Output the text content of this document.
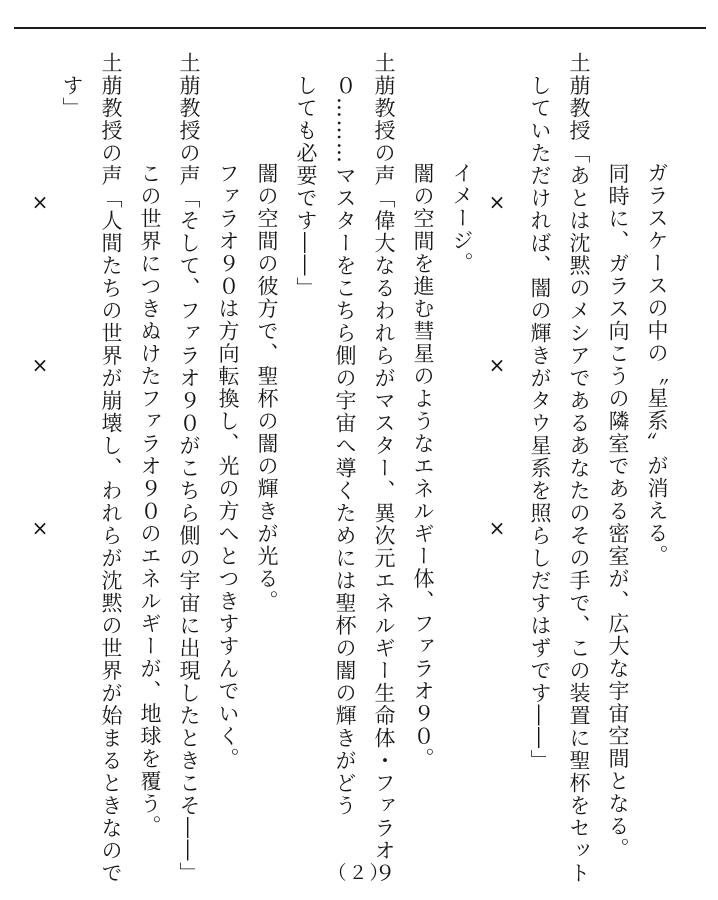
ガラスケースの中の〝星系〟が消える。
　同時に、ガラス向こうの隣室である密室が、広大な宇宙空間となる。
土萠教授「あとは沈黙のメシアであるあなたのその手で、この装置に聖杯をセット
　していただければ、闇の輝きがタウ星系を照らしだすはずです――」
×
×
×
イメージ。
　闇の空間を進む彗星のようなエネルギー体、ファラオ９０。
土萠教授の声「偉大なるわれらがマスター、異次元エネルギー生命体・ファラオ９
　０………マスターをこちら側の宇宙へ導くためには聖杯の闇の輝きがどう
　しても必要です――」
　闇の空間の彼方で、聖杯の闇の輝きが光る。
　ファラオ９０は方向転換し、光の方へとつきすすんでいく。
土萠教授の声「そして、ファラオ９０がこちら側の宇宙に出現したときこそ――」
　この世界につきぬけたファラオ９０のエネルギーが、地球を覆う。
土萠教授の声「人間たちの世界が崩壊し、われらが沈黙の世界が始まるときなので
　す」
×
×
×
（２）
